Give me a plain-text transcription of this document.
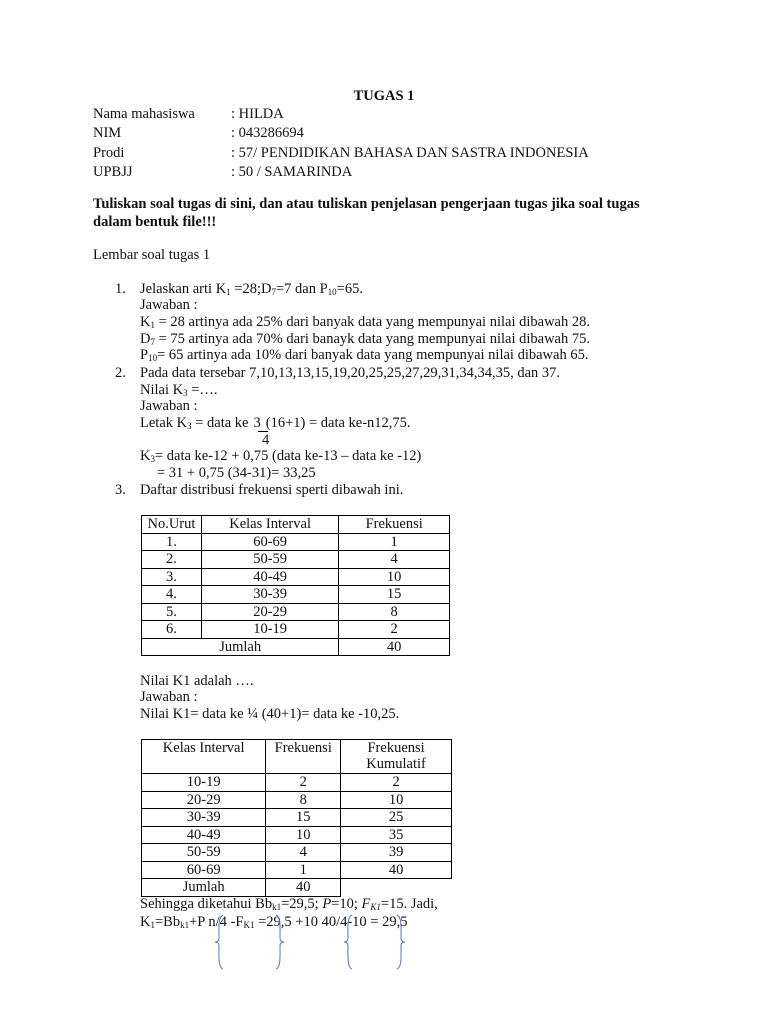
TUGAS 1
Nama mahasiswa : HILDA
NIM	: 043286694
Prodi	: 57/ PENDIDIKAN BAHASA DAN SASTRA INDONESIA
UPBJJ	: 50 / SAMARINDA
Tuliskan soal tugas di sini, dan atau tuliskan penjelasan pengerjaan tugas jika soal tugas dalam bentuk file!!!
Lembar soal tugas 1
1. Jelaskan arti $K_1$ $=28;D_7=7$ dan $P_{10}=65$.
Jawaban :
$K_1 = 28$ artinya ada 25% dari banyak data yang mempunyai nilai dibawah 28.
$D_7 = 75$ artinya ada 70% dari banayk data yang mempunyai nilai dibawah 75.
$P_{10}= 65$ artinya ada 10% dari banyak data yang mempunyai nilai dibawah 65.
2. Pada data tersebar 7,10,13,13,15,19,20,25,25,27,29,31,34,34,35, dan 37.
Nilai $K_3$ =….
Jawaban :
Letak $K_3$ = data ke 3 (16+1) = data ke-n12,75.
4
$K_3=$ data ke-12 + 0,75 (data ke-13 – data ke -12)
= 31 + 0,75 (34-31)= 33,25
3. Daftar distribusi frekuensi sperti dibawah ini.
No.Urut	Kelas Interval	Frekuensi
1.	60-69	1
2.	50-59	4
3.	40-49	10
4.	30-39	15
5.	20-29	8
6.	10-19	2
Jumlah		40
Nilai K1 adalah ….
Jawaban :
Nilai K1= data ke ¼ (40+1)= data ke -10,25.
Kelas Interval	Frekuensi	Frekuensi Kumulatif
10-19	2	2
20-29	8	10
30-39	15	25
40-49	10	35
50-59	4	39
60-69	1	40
Jumlah	40	
Sehingga diketahui $Bb_{k1}=29,5$; P=10; $F_{K1}=15$. Jadi,
$K_1=Bb_{k1}+P$ n/4 $-F_{K1} =29,5 +10$ 40/4-10 = 29,5
